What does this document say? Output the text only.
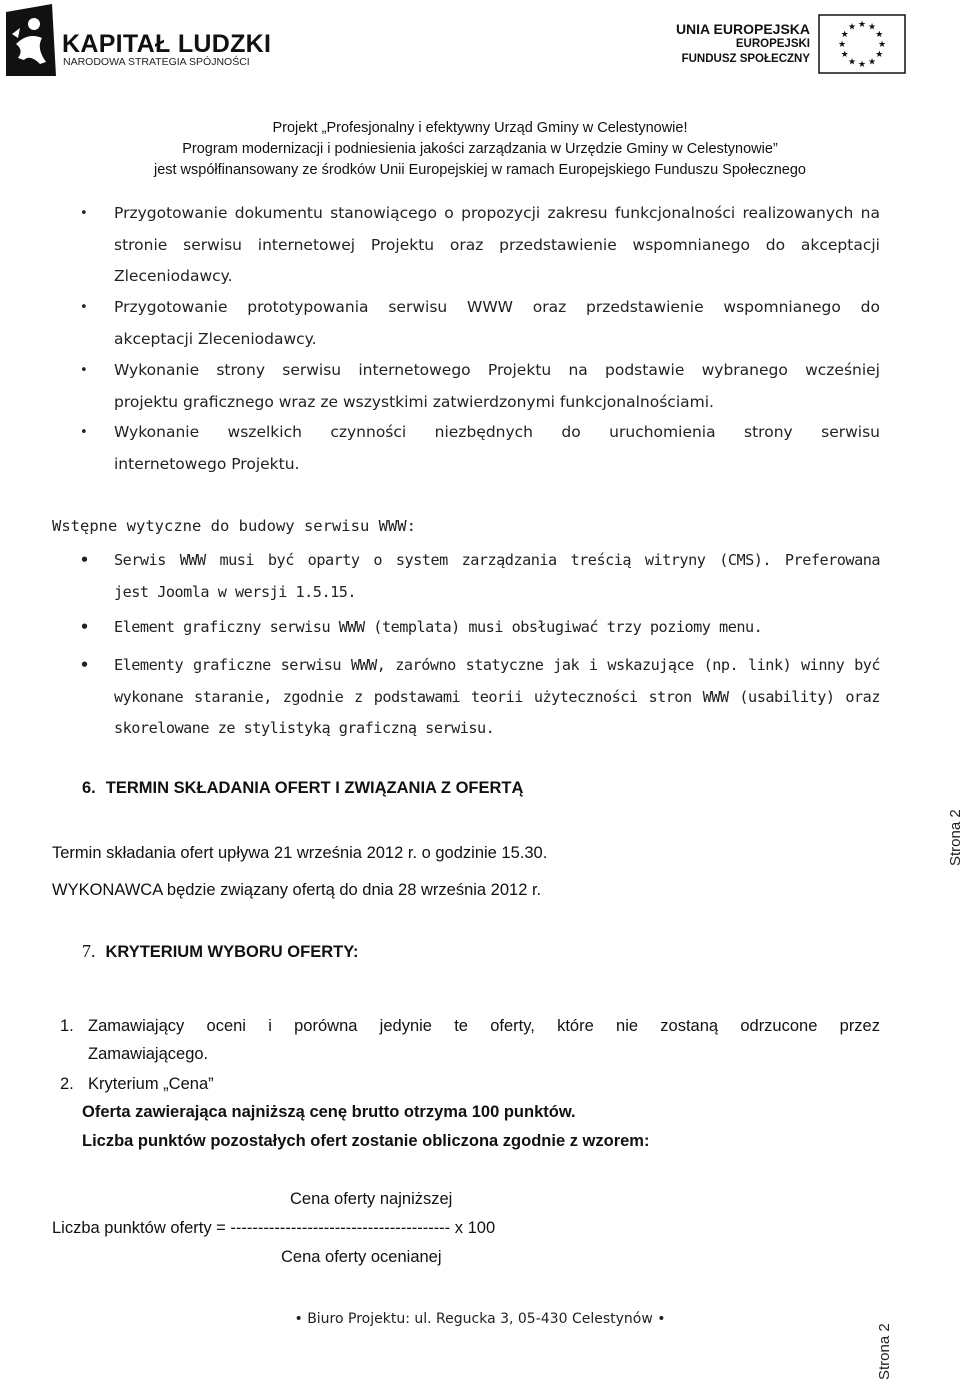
KAPITAŁ LUDZKI
NARODOWA STRATEGIA SPÓJNOŚCI
UNIA EUROPEJSKA
EUROPEJSKI
FUNDUSZ SPOŁECZNY
★ ★
★
★
★
★
★
★
★
★
★
★
Projekt „Profesjonalny i efektywny Urząd Gminy w Celestynowie!
Program modernizacji i podniesienia jakości zarządzania w Urzędzie Gminy w Celestynowie”
jest współfinansowany ze środków Unii Europejskiej w ramach Europejskiego Funduszu Społecznego
• Przygotowanie dokumentu stanowiącego o propozycji zakresu funkcjonalności realizowanych na stronie serwisu internetowej Projektu oraz przedstawienie wspomnianego do akceptacji Zleceniodawcy.
• Przygotowanie prototypowania serwisu WWW oraz przedstawienie wspomnianego do
akceptacji Zleceniodawcy.
• Wykonanie strony serwisu internetowego Projektu na podstawie wybranego wcześniej
projektu graficznego wraz ze wszystkimi zatwierdzonymi funkcjonalnościami.
• Wykonanie wszelkich czynności niezbędnych do uruchomienia strony serwisu
internetowego Projektu.
Wstępne wytyczne do budowy serwisu WWW:
• Serwis WWW musi być oparty o system zarządzania treścią witryny (CMS). Preferowana
jest Joomla w wersji 1.5.15.
• Element graficzny serwisu WWW (templata) musi obsługiwać trzy poziomy menu.
• Elementy graficzne serwisu WWW, zarówno statyczne jak i wskazujące (np. link) winny być wykonane staranie, zgodnie z podstawami teorii użyteczności stron WWW (usability) oraz skorelowane ze stylistyką graficzną serwisu.
6. TERMIN SKŁADANIA OFERT I ZWIĄZANIA Z OFERTĄ
Termin składania ofert upływa 21 września 2012 r. o godzinie 15.30.
WYKONAWCA będzie związany ofertą do dnia 28 września 2012 r.
Strona 2
7. KRYTERIUM WYBORU OFERTY:
1. Zamawiający oceni i porówna jedynie te oferty, które nie zostaną odrzucone przez
Zamawiającego.
2. Kryterium „Cena”
Oferta zawierająca najniższą cenę brutto otrzyma 100 punktów.
Liczba punktów pozostałych ofert zostanie obliczona zgodnie z wzorem:
Cena oferty najniższej
Liczba punktów oferty = ---------------------------------------- x 100
Cena oferty ocenianej
• Biuro Projektu: ul. Regucka 3, 05-430 Celestynów •
Strona 2
